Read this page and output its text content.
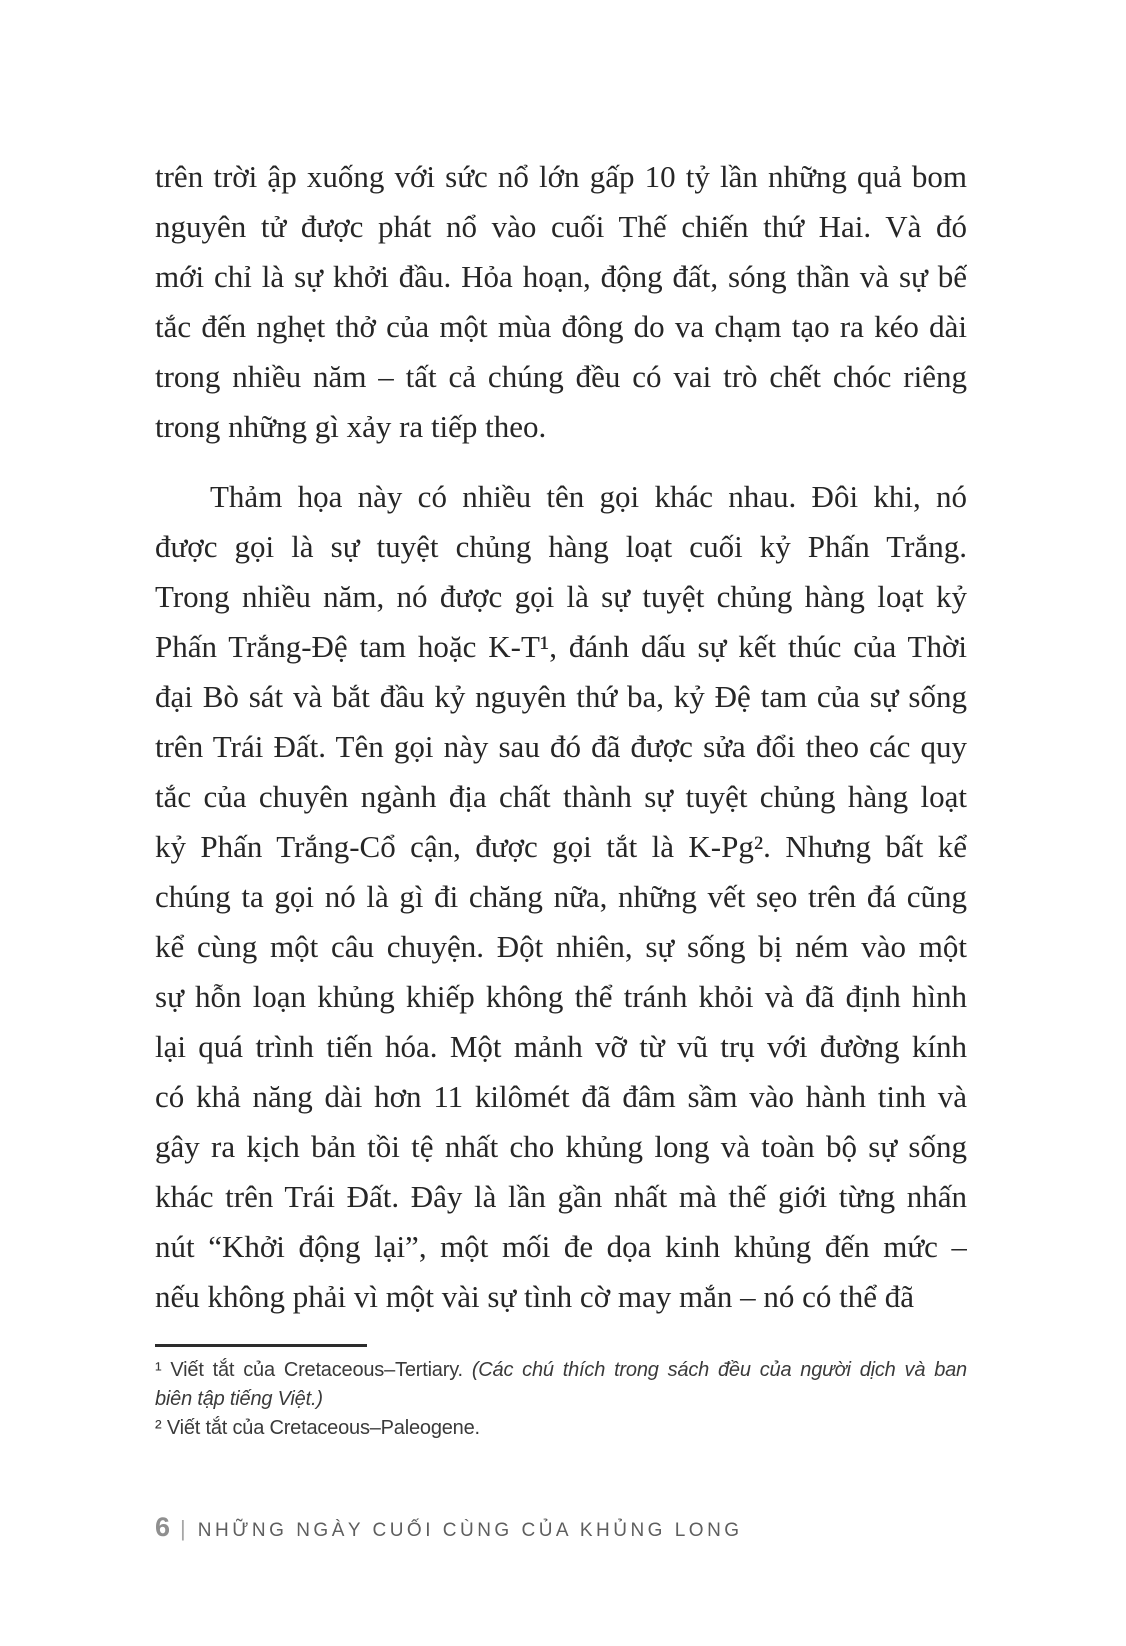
trên trời ập xuống với sức nổ lớn gấp 10 tỷ lần những quả bom
nguyên tử được phát nổ vào cuối Thế chiến thứ Hai. Và đó
mới chỉ là sự khởi đầu. Hỏa hoạn, động đất, sóng thần và sự bế
tắc đến nghẹt thở của một mùa đông do va chạm tạo ra kéo dài
trong nhiều năm – tất cả chúng đều có vai trò chết chóc riêng
trong những gì xảy ra tiếp theo.
Thảm họa này có nhiều tên gọi khác nhau. Đôi khi, nó
được gọi là sự tuyệt chủng hàng loạt cuối kỷ Phấn Trắng.
Trong nhiều năm, nó được gọi là sự tuyệt chủng hàng loạt kỷ
Phấn Trắng-Đệ tam hoặc K-T¹, đánh dấu sự kết thúc của Thời
đại Bò sát và bắt đầu kỷ nguyên thứ ba, kỷ Đệ tam của sự sống
trên Trái Đất. Tên gọi này sau đó đã được sửa đổi theo các quy
tắc của chuyên ngành địa chất thành sự tuyệt chủng hàng loạt
kỷ Phấn Trắng-Cổ cận, được gọi tắt là K-Pg². Nhưng bất kể
chúng ta gọi nó là gì đi chăng nữa, những vết sẹo trên đá cũng
kể cùng một câu chuyện. Đột nhiên, sự sống bị ném vào một
sự hỗn loạn khủng khiếp không thể tránh khỏi và đã định hình
lại quá trình tiến hóa. Một mảnh vỡ từ vũ trụ với đường kính
có khả năng dài hơn 11 kilômét đã đâm sầm vào hành tinh và
gây ra kịch bản tồi tệ nhất cho khủng long và toàn bộ sự sống
khác trên Trái Đất. Đây là lần gần nhất mà thế giới từng nhấn
nút “Khởi động lại”, một mối đe dọa kinh khủng đến mức –
nếu không phải vì một vài sự tình cờ may mắn – nó có thể đã
¹ Viết tắt của Cretaceous–Tertiary. (Các chú thích trong sách đều của người dịch và ban
biên tập tiếng Việt.)
² Viết tắt của Cretaceous–Paleogene.
6 | NHỮNG NGÀY CUỐI CÙNG CỦA KHỦNG LONG
